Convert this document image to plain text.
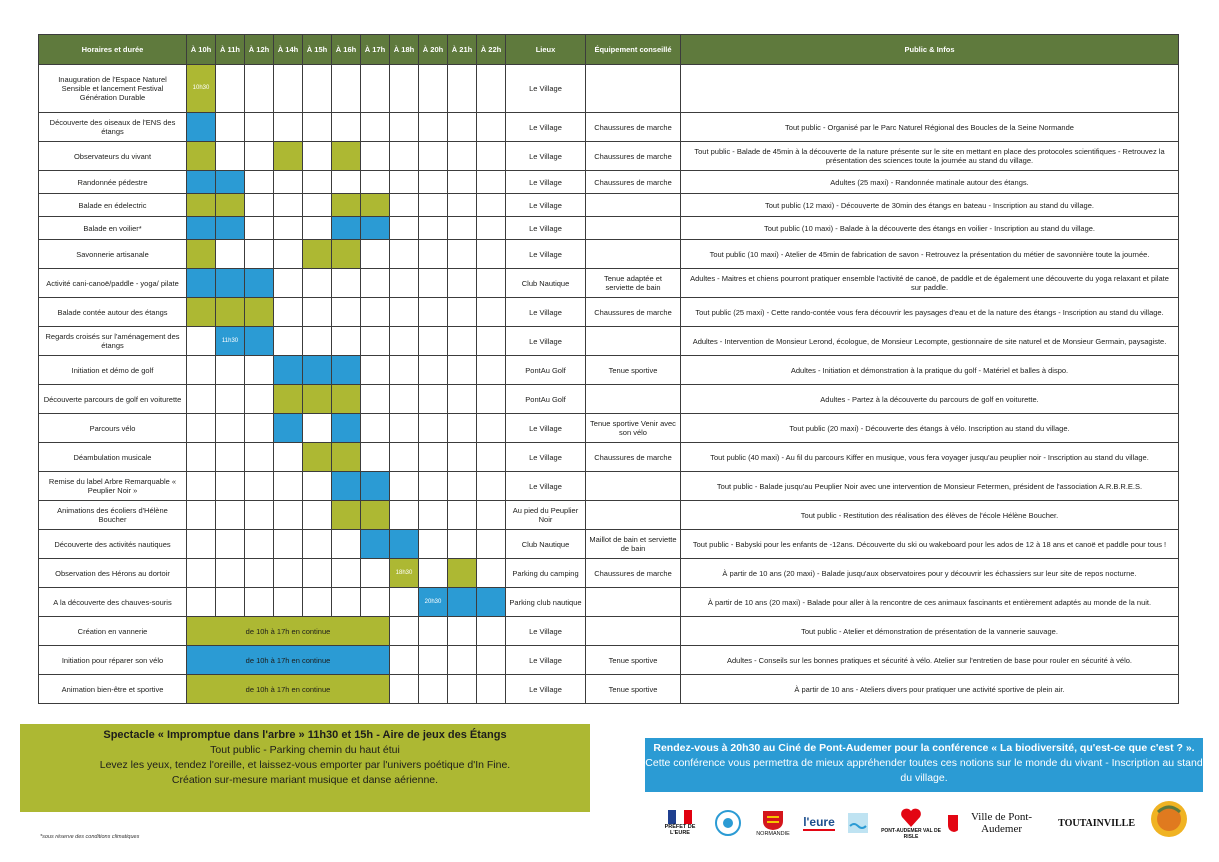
Horaires et durée	À 10h	À 11h	À 12h	À 14h	À 15h	À 16h	À 17h	À 18h	À 20h	À 21h	À 22h	Lieux	Équipement conseillé	Public & Infos
Inauguration de l'Espace Naturel Sensible et lancement Festival Génération Durable	10h30											Le Village		
Découverte des oiseaux de l'ENS des étangs												Le Village	Chaussures de marche	Tout public - Organisé par le Parc Naturel Régional des Boucles de la Seine Normande
Observateurs du vivant												Le Village	Chaussures de marche	Tout public - Balade de 45min à la découverte de la nature présente sur le site en mettant en place des protocoles scientifiques - Retrouvez la présentation des sciences toute la journée au stand du village.
Randonnée pédestre												Le Village	Chaussures de marche	Adultes (25 maxi) - Randonnée matinale autour des étangs.
Balade en édelectric												Le Village		Tout public (12 maxi) - Découverte de 30min des étangs en bateau - Inscription au stand du village.
Balade en voilier*												Le Village		Tout public (10 maxi) - Balade à la découverte des étangs en voilier - Inscription au stand du village.
Savonnerie artisanale												Le Village		Tout public (10 maxi) - Atelier de 45min de fabrication de savon - Retrouvez la présentation du métier de savonnière toute la journée.
Activité cani-canoë/paddle - yoga/ pilate												Club Nautique	Tenue adaptée et serviette de bain	Adultes - Maitres et chiens pourront pratiquer ensemble l'activité de canoë, de paddle et de également une découverte du yoga relaxant et pilate sur paddle.
Balade contée autour des étangs												Le Village	Chaussures de marche	Tout public (25 maxi) - Cette rando-contée vous fera découvrir les paysages d'eau et de la nature des étangs - Inscription au stand du village.
Regards croisés sur l'aménagement des étangs		11h30										Le Village		Adultes - Intervention de Monsieur Lerond, écologue, de Monsieur Lecompte, gestionnaire de site naturel et de Monsieur Germain, paysagiste.
Initiation et démo de golf												PontAu Golf	Tenue sportive	Adultes - Initiation et démonstration à la pratique du golf - Matériel et balles à dispo.
Découverte parcours de golf en voiturette												PontAu Golf		Adultes - Partez à la découverte du parcours de golf en voiturette.
Parcours vélo												Le Village	Tenue sportive Venir avec son vélo	Tout public (20 maxi) - Découverte des étangs à vélo. Inscription au stand du village.
Déambulation musicale												Le Village	Chaussures de marche	Tout public (40 maxi) - Au fil du parcours Kiffer en musique, vous fera voyager jusqu'au peuplier noir - Inscription au stand du village.
Remise du label Arbre Remarquable « Peuplier Noir »												Le Village		Tout public - Balade jusqu'au Peuplier Noir avec une intervention de Monsieur Fetermen, président de l'association A.R.B.R.E.S.
Animations des écoliers d'Hélène Boucher												Au pied du Peuplier Noir		Tout public - Restitution des réalisation des élèves de l'école Hélène Boucher.
Découverte des activités nautiques												Club Nautique	Maillot de bain et serviette de bain	Tout public - Babyski pour les enfants de -12ans. Découverte du ski ou wakeboard pour les ados de 12 à 18 ans et canoë et paddle pour tous !
Observation des Hérons au dortoir								18h30				Parking du camping	Chaussures de marche	À partir de 10 ans (20 maxi) - Balade jusqu'aux observatoires pour y découvrir les échassiers sur leur site de repos nocturne.
A la découverte des chauves-souris									20h30			Parking club nautique		À partir de 10 ans (20 maxi) - Balade pour aller à la rencontre de ces animaux fascinants et entièrement adaptés au monde de la nuit.
Création en vannerie	de 10h à 17h en continue											Le Village		Tout public - Atelier et démonstration de présentation de la vannerie sauvage.
Initiation pour réparer son vélo	de 10h à 17h en continue											Le Village	Tenue sportive	Adultes - Conseils sur les bonnes pratiques et sécurité à vélo. Atelier sur l'entretien de base pour rouler en sécurité à vélo.
Animation bien-être et sportive	de 10h à 17h en continue											Le Village	Tenue sportive	À partir de 10 ans - Ateliers divers pour pratiquer une activité sportive de plein air.
Spectacle « Impromptue dans l'arbre » 11h30 et 15h - Aire de jeux des Étangs
Tout public - Parking chemin du haut étui
Levez les yeux, tendez l'oreille, et laissez-vous emporter par l'univers poétique d'In Fine.
Création sur-mesure mariant musique et danse aérienne.
Rendez-vous à 20h30 au Ciné de Pont-Audemer pour la conférence « La biodiversité, qu'est-ce que c'est ? ». Cette conférence vous permettra de mieux appréhender toutes ces notions sur le monde du vivant - Inscription au stand du village.
*sous réserve des conditions climatiques
PRÉFET DE L'EURE	NORMANDIE
l'eure
PONT-AUDEMER VAL DE RISLE
Ville de Pont-Audemer	TOUTAINVILLE
